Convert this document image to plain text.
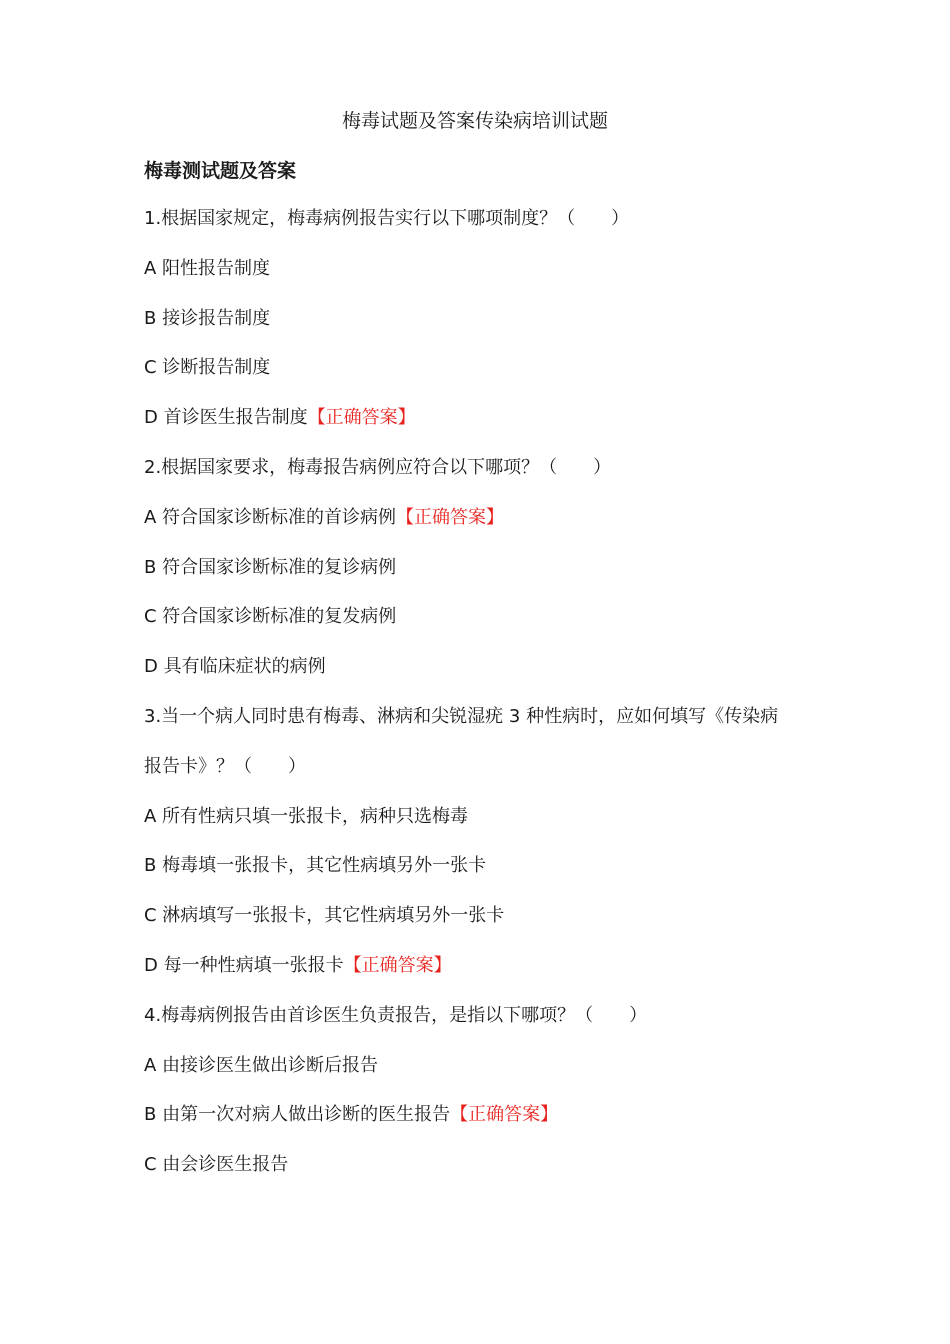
梅毒试题及答案传染病培训试题
梅毒测试题及答案
1.根据国家规定，梅毒病例报告实行以下哪项制度？（　　）
A 阳性报告制度
B 接诊报告制度
C 诊断报告制度
D 首诊医生报告制度【正确答案】
2.根据国家要求，梅毒报告病例应符合以下哪项？（　　）
A 符合国家诊断标准的首诊病例【正确答案】
B 符合国家诊断标准的复诊病例
C 符合国家诊断标准的复发病例
D 具有临床症状的病例
3.当一个病人同时患有梅毒、淋病和尖锐湿疣 3 种性病时，应如何填写《传染病
报告卡》？（　　）
A 所有性病只填一张报卡，病种只选梅毒
B 梅毒填一张报卡，其它性病填另外一张卡
C 淋病填写一张报卡，其它性病填另外一张卡
D 每一种性病填一张报卡【正确答案】
4.梅毒病例报告由首诊医生负责报告，是指以下哪项？（　　）
A 由接诊医生做出诊断后报告
B 由第一次对病人做出诊断的医生报告【正确答案】
C 由会诊医生报告
